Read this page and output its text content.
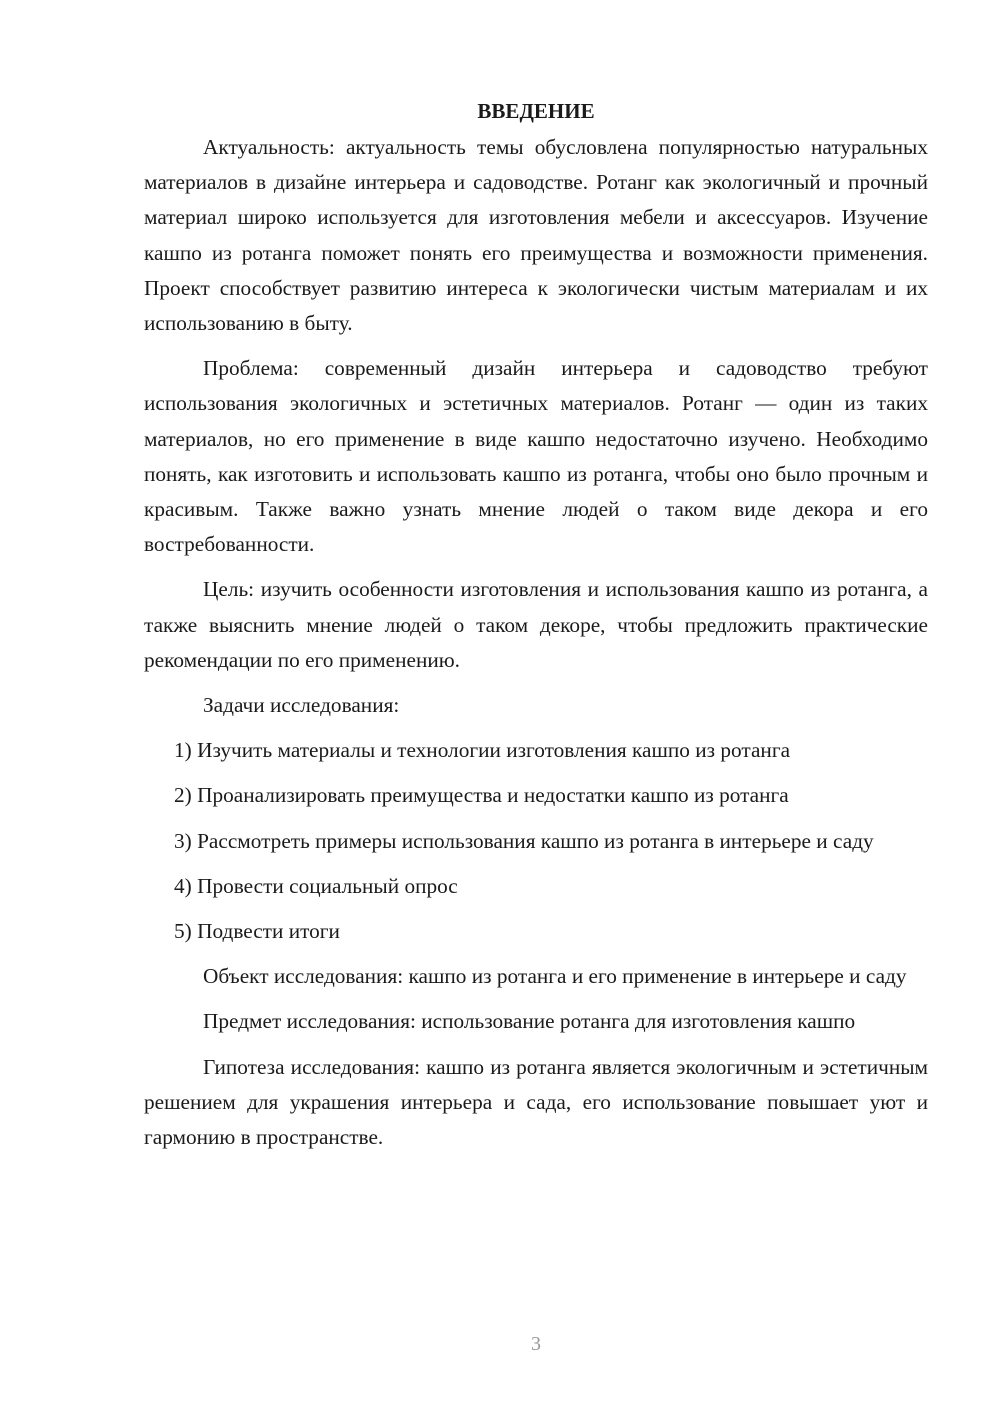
ВВЕДЕНИЕ

Актуальность: актуальность темы обусловлена популярностью натуральных материалов в дизайне интерьера и садоводстве. Ротанг как экологичный и прочный материал широко используется для изготовления мебели и аксессуаров. Изучение кашпо из ротанга поможет понять его преимущества и возможности применения. Проект способствует развитию интереса к экологически чистым материалам и их использованию в быту.

Проблема: современный дизайн интерьера и садоводство требуют использования экологичных и эстетичных материалов. Ротанг — один из таких материалов, но его применение в виде кашпо недостаточно изучено. Необходимо понять, как изготовить и использовать кашпо из ротанга, чтобы оно было прочным и красивым. Также важно узнать мнение людей о таком виде декора и его востребованности.

Цель: изучить особенности изготовления и использования кашпо из ротанга, а также выяснить мнение людей о таком декоре, чтобы предложить практические рекомендации по его применению.

Задачи исследования:

1) Изучить материалы и технологии изготовления кашпо из ротанга

2) Проанализировать преимущества и недостатки кашпо из ротанга

3) Рассмотреть примеры использования кашпо из ротанга в интерьере и саду

4) Провести социальный опрос

5) Подвести итоги

Объект исследования: кашпо из ротанга и его применение в интерьере и саду

Предмет исследования: использование ротанга для изготовления кашпо

Гипотеза исследования: кашпо из ротанга является экологичным и эстетичным решением для украшения интерьера и сада, его использование повышает уют и гармонию в пространстве.

3
